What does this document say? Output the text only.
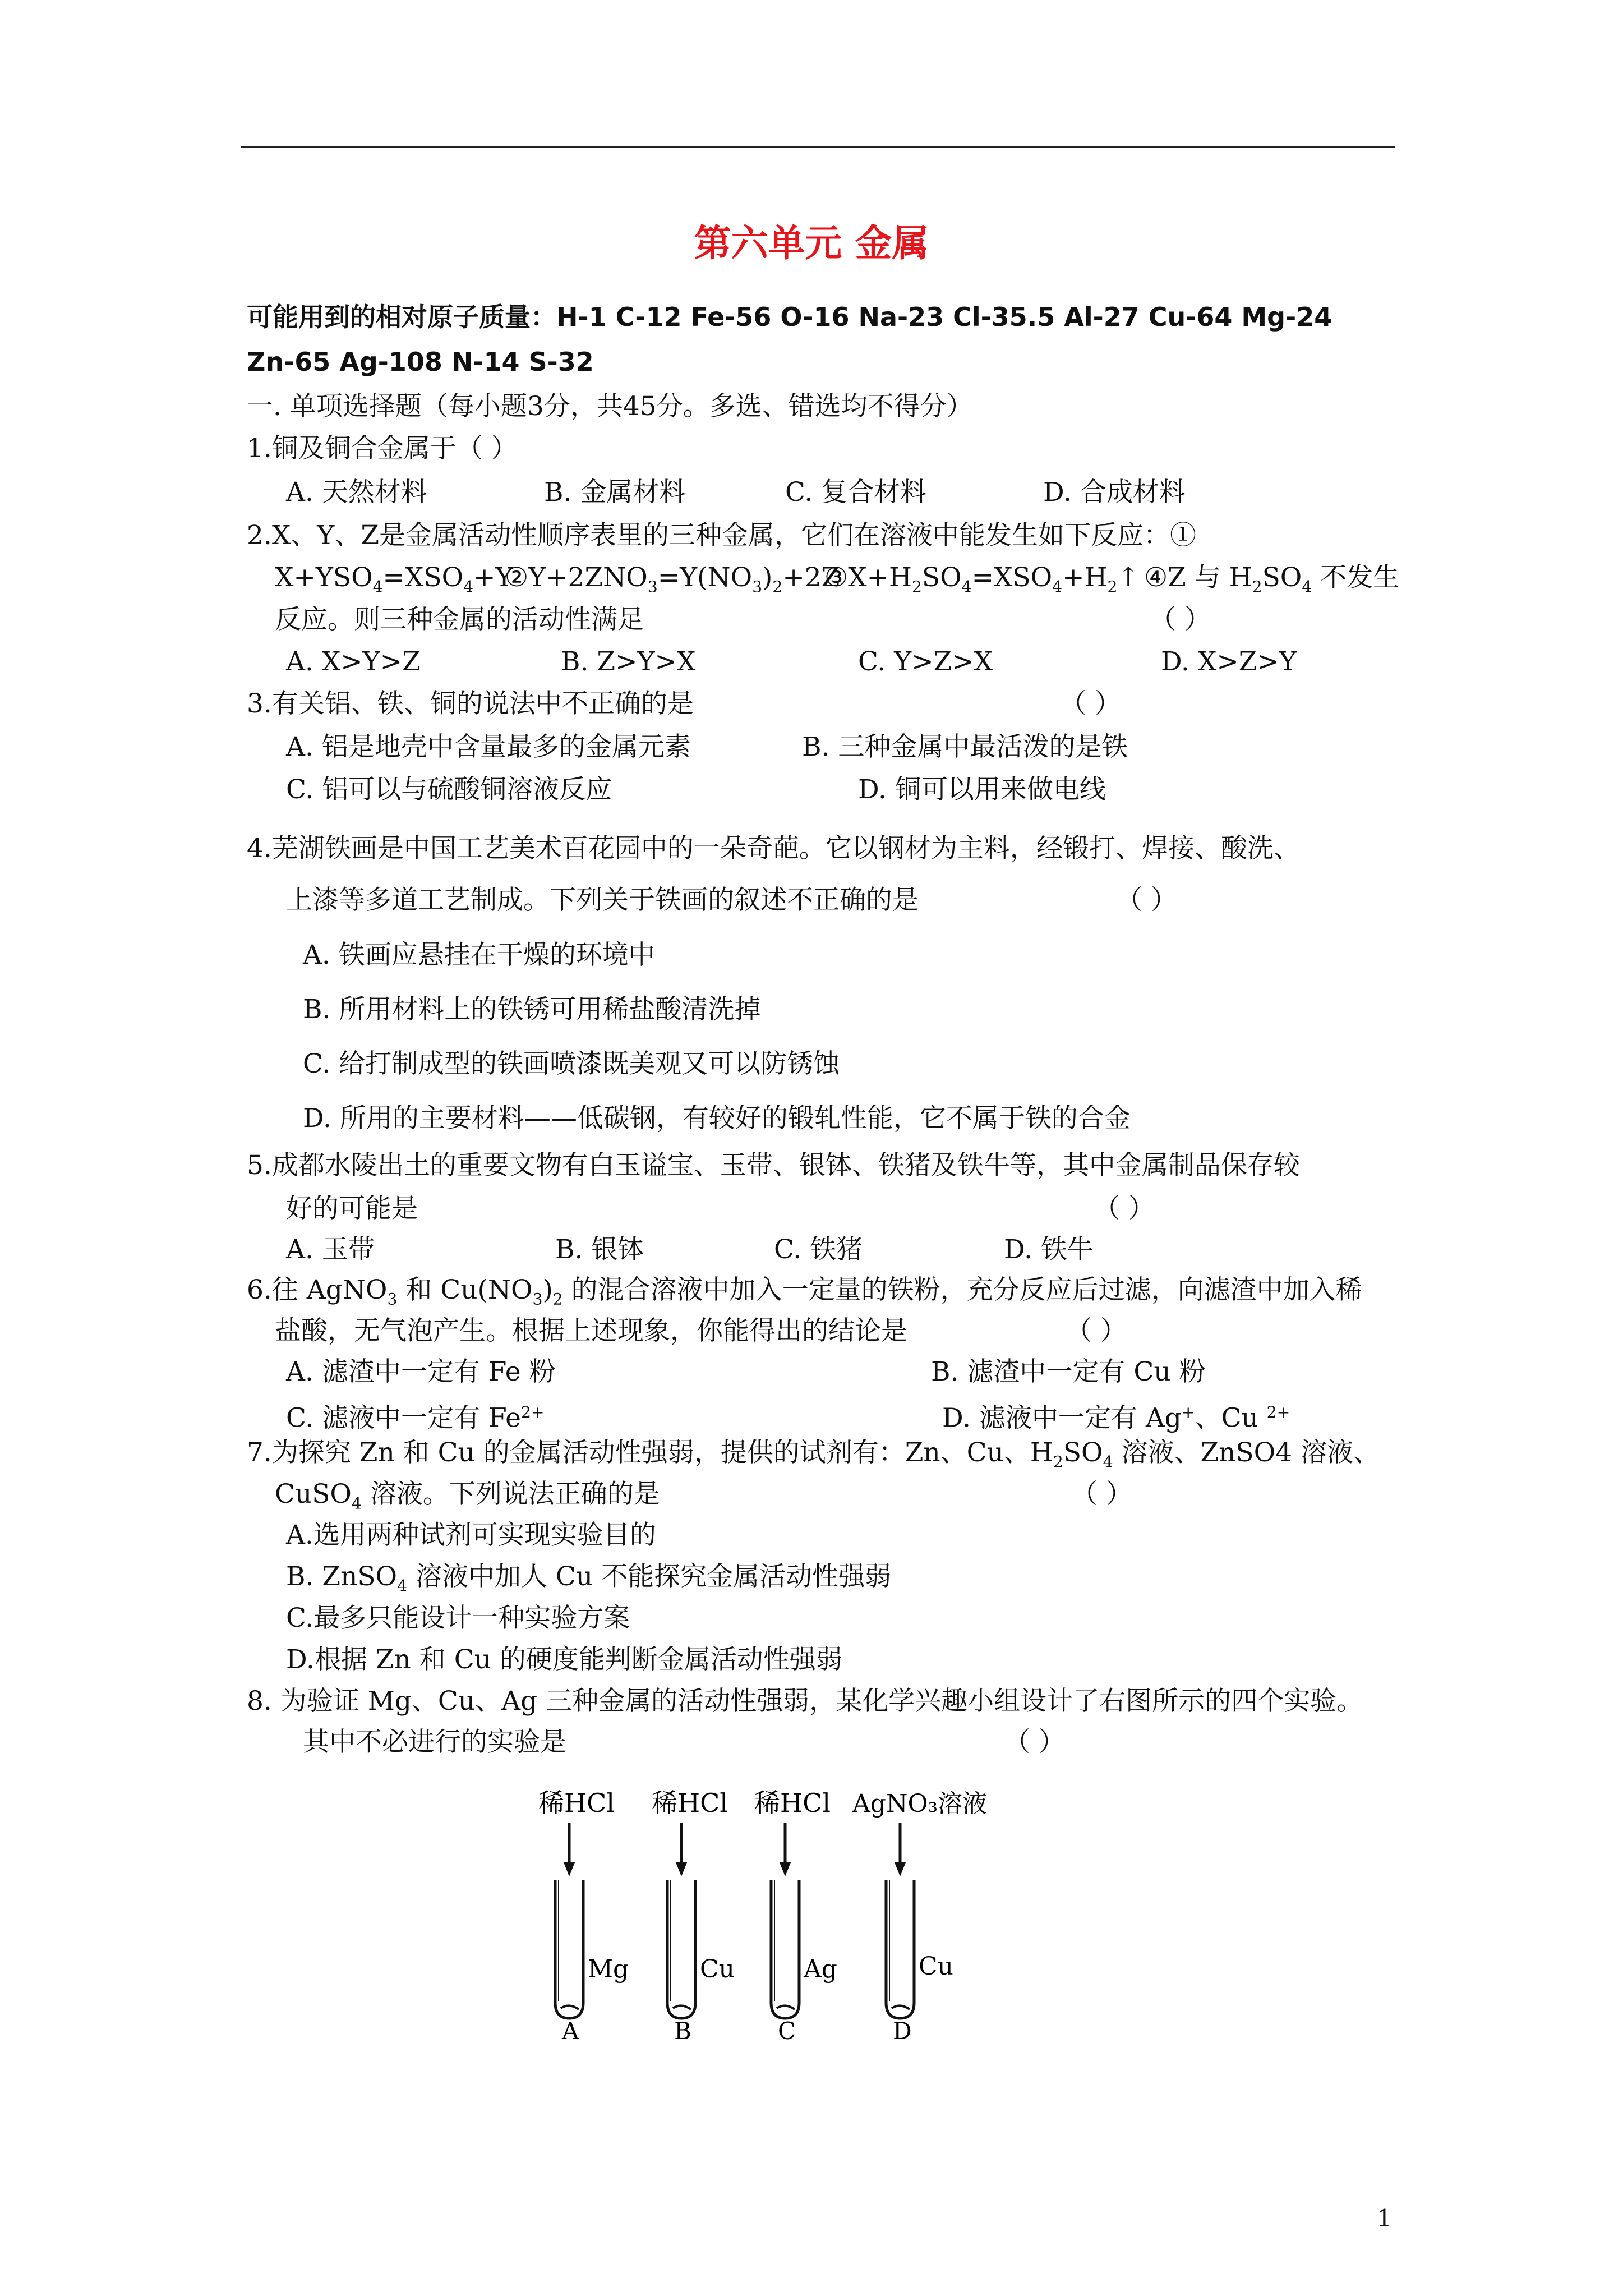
第六单元 金属
可能用到的相对原子质量：H-1 C-12 Fe-56 O-16 Na-23 Cl-35.5 Al-27 Cu-64 Mg-24
Zn-65 Ag-108 N-14 S-32
一. 单项选择题（每小题3分，共45分。多选、错选均不得分）
1.铜及铜合金属于（ ）
A. 天然材料	B. 金属材料	C. 复合材料	D. 合成材料
2.X、Y、Z是金属活动性顺序表里的三种金属，它们在溶液中能发生如下反应：①
$X+YSO_4=XSO_4+Y$
$②Y+2ZNO_3=Y(NO_3)_2+2Z$
$③X+H_2SO_4=XSO_4+H_2↑$ ④Z 与 $H_2SO_4$ 不发生
反应。则三种金属的活动性满足	（ ）
A. X>Y>Z	B. Z>Y>X	C. Y>Z>X	D. X>Z>Y
3.有关铝、铁、铜的说法中不正确的是	（ ）
A. 铝是地壳中含量最多的金属元素	B. 三种金属中最活泼的是铁
C. 铝可以与硫酸铜溶液反应	D. 铜可以用来做电线
4.芜湖铁画是中国工艺美术百花园中的一朵奇葩。它以钢材为主料，经锻打、焊接、酸洗、
上漆等多道工艺制成。下列关于铁画的叙述不正确的是	（ ）
A. 铁画应悬挂在干燥的环境中
B. 所用材料上的铁锈可用稀盐酸清洗掉
C. 给打制成型的铁画喷漆既美观又可以防锈蚀
D. 所用的主要材料——低碳钢，有较好的锻轧性能，它不属于铁的合金
5.成都水陵出土的重要文物有白玉谥宝、玉带、银钵、铁猪及铁牛等，其中金属制品保存较
好的可能是	（ ）
A. 玉带	B. 银钵	C. 铁猪	D. 铁牛
6.往 AgNO$_3$ 和 $Cu(NO_3)_2$ 的混合溶液中加入一定量的铁粉，充分反应后过滤，向滤渣中加入稀
盐酸，无气泡产生。根据上述现象，你能得出的结论是	（ ）
A. 滤渣中一定有 Fe 粉	B. 滤渣中一定有 Cu 粉
C. 滤液中一定有 $Fe^{2+}$	D. 滤液中一定有 Ag+、Cu $^{2+}$
7.为探究 Zn 和 Cu 的金属活动性强弱，提供的试剂有：Zn、Cu、$H_2SO_4$ 溶液、ZnSO4 溶液、
CuSO$_4$ 溶液。下列说法正确的是	（ ）
A.选用两种试剂可实现实验目的
B. ZnSO$_4$ 溶液中加人 Cu 不能探究金属活动性强弱
C.最多只能设计一种实验方案
D.根据 Zn 和 Cu 的硬度能判断金属活动性强弱
8. 为验证 Mg、Cu、Ag 三种金属的活动性强弱，某化学兴趣小组设计了右图所示的四个实验。
其中不必进行的实验是	（ ）
稀HCl
Mg
A
稀HCl
Cu
B
稀HCl
Ag
C
AgNO₃溶液
Cu
D
1
